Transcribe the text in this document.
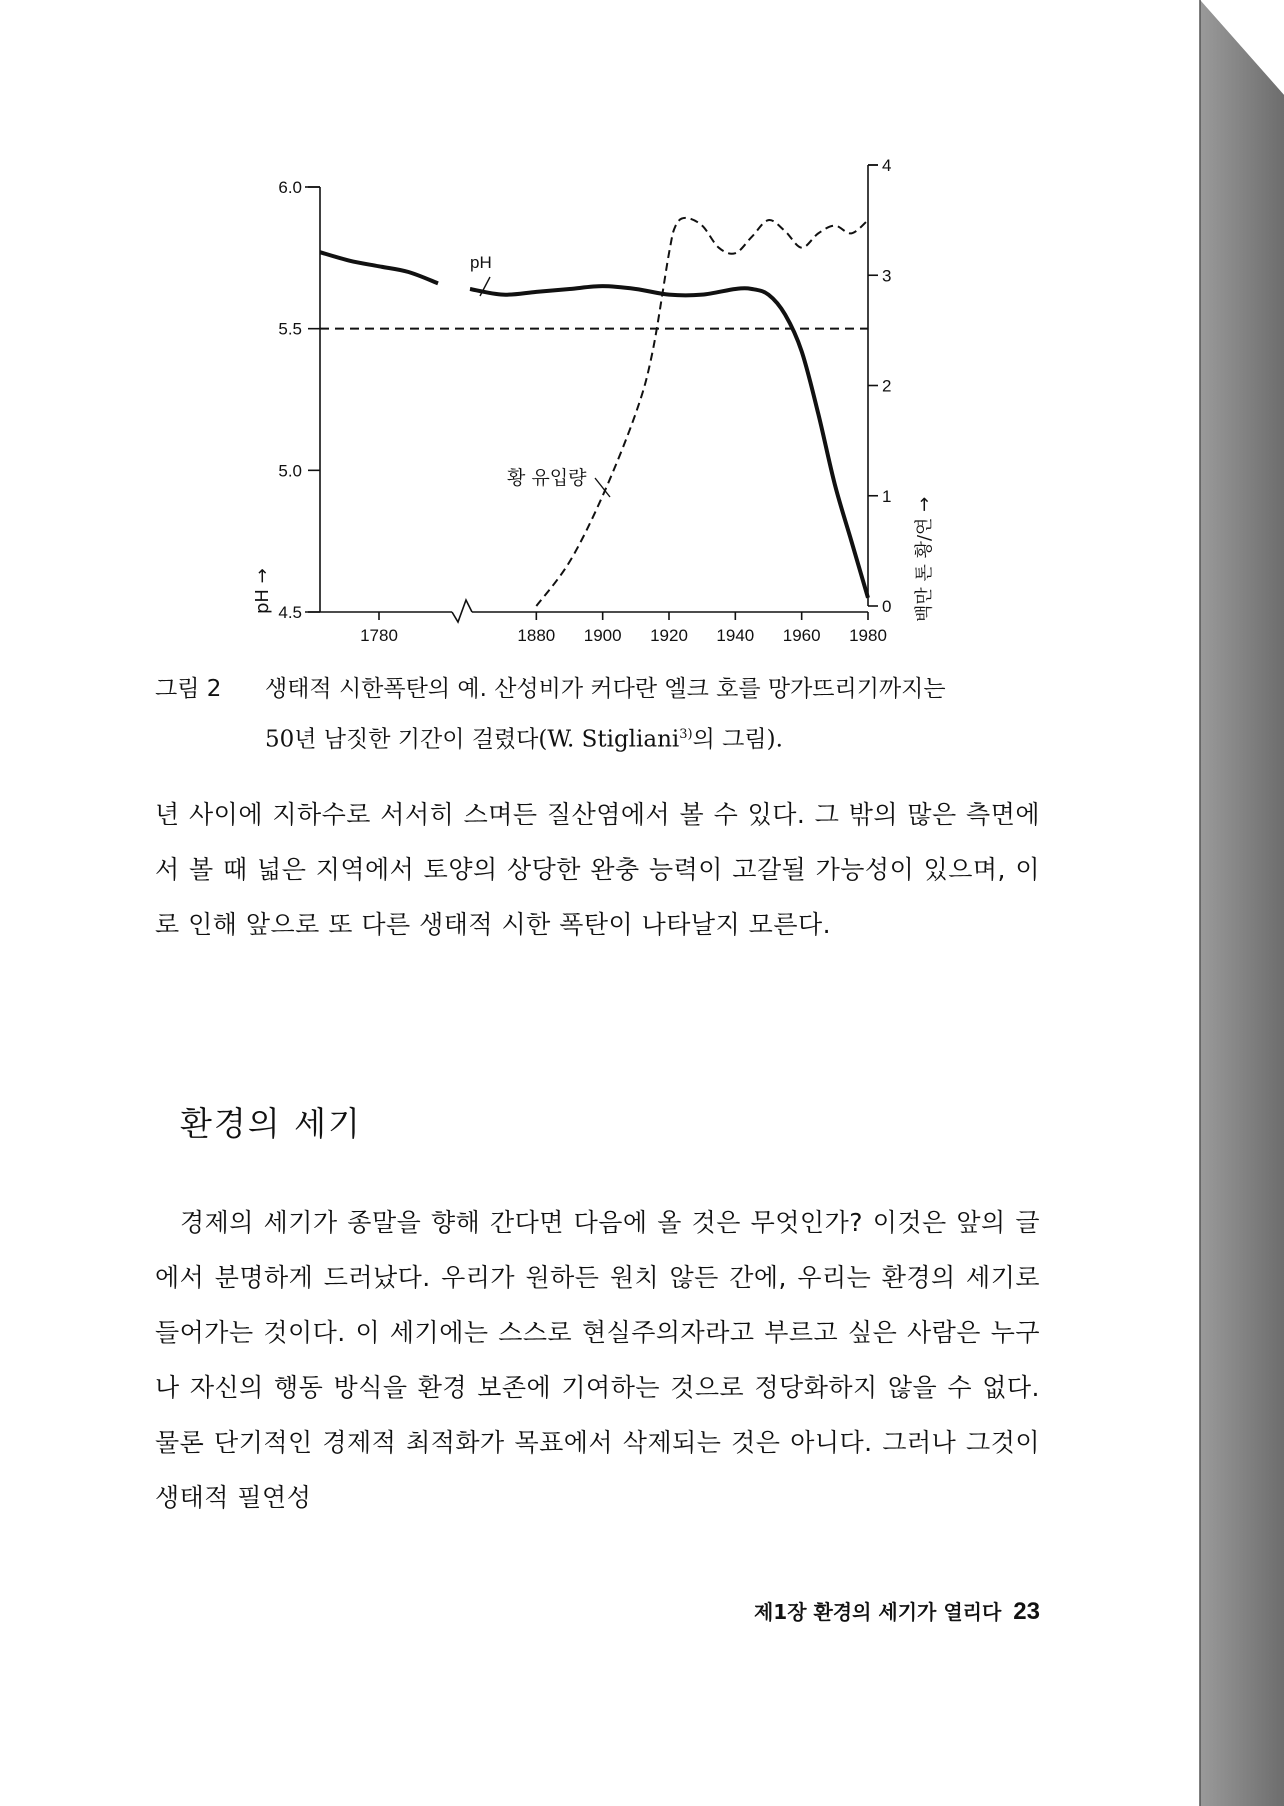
6.0
5.5
5.0
4.5
4
3
2
1
0
1780	1880 1900 1920 1940 1960 1980
pH
황 유입량
pH →	백만 톤 황/연 →
그림 2 생태적 시한폭탄의 예. 산성비가 커다란 엘크 호를 망가뜨리기까지는
50년 남짓한 기간이 걸렸다(W. Stigliani$^{3)}$의 그림).
년 사이에 지하수로 서서히 스며든 질산염에서 볼 수 있다. 그 밖의 많은 측면에서 볼 때 넓은 지역에서 토양의 상당한 완충 능력이 고갈될 가능성이 있으며, 이로 인해 앞으로 또 다른 생태적 시한 폭탄이 나타날지 모른다.
환경의 세기
경제의 세기가 종말을 향해 간다면 다음에 올 것은 무엇인가? 이것은 앞의 글에서 분명하게 드러났다. 우리가 원하든 원치 않든 간에, 우리는 환경의 세기로 들어가는 것이다. 이 세기에는 스스로 현실주의자라고 부르고 싶은 사람은 누구나 자신의 행동 방식을 환경 보존에 기여하는 것으로 정당화하지 않을 수 없다. 물론 단기적인 경제적 최적화가 목표에서 삭제되는 것은 아니다. 그러나 그것이 생태적 필연성
제1장 환경의 세기가 열리다 23
